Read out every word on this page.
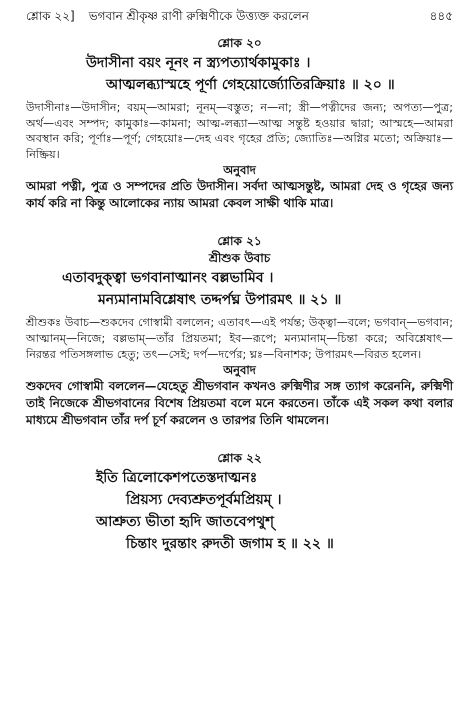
শ্লোক ২২] ভগবান শ্রীকৃষ্ণ রাণী রুক্মিণীকে উত্ত্যক্ত করলেন	৪৪৫
শ্লোক ২০
উদাসীনা বয়ং নূনং ন স্ত্র্যপত্যার্থকামুকাঃ ।
আত্মলব্ধ্যাস্মহে পূর্ণা গেহয়োর্জ্যোতিরক্রিয়াঃ ॥ ২০ ॥
উদাসীনাঃ—উদাসীন; বয়ম্—আমরা; নূনম্—বস্তুত; ন—না; স্ত্রী—পত্নীদের জন্য; অপত্য—পুত্র; অর্থ—এবং সম্পদ; কামুকাঃ—কামনা; আত্ম-লব্ধ্যা—আত্ম সন্তুষ্ট হওয়ার দ্বারা; আস্মহে—আমরা অবস্থান করি; পূর্ণাঃ—পূর্ণ; গেহয়োঃ—দেহ এবং গৃহের প্রতি; জ্যোতিঃ—অগ্নির মতো; অক্রিয়াঃ—নিষ্ক্রিয়।
অনুবাদ
আমরা পত্নী, পুত্র ও সম্পদের প্রতি উদাসীন। সর্বদা আত্মসন্তুষ্ট, আমরা দেহ ও গৃহের জন্য কার্য করি না কিন্তু আলোকের ন্যায় আমরা কেবল সাক্ষী থাকি মাত্র।
শ্লোক ২১
শ্রীশুক উবাচ
এতাবদুক্ত্বা ভগবানাত্মানং বল্লভামিব ।
মন্যমানামবিশ্লেষাৎ তদ্দর্পঘ্ন উপারমৎ ॥ ২১ ॥
শ্রীশুকঃ উবাচ—শুকদেব গোস্বামী বললেন; এতাবৎ—এই পর্যন্ত; উক্ত্বা—বলে; ভগবান্—ভগবান; আত্মানম্—নিজে; বল্লভাম্—তাঁর প্রিয়তমা; ইব—রূপে; মন্যমানাম্—চিন্তা করে; অবিশ্লেষাৎ—নিরন্তর পতিসঙ্গলাভ হেতু; তৎ—সেই; দর্প—দর্পের; ঘ্নঃ—বিনাশক; উপারমৎ—বিরত হলেন।
অনুবাদ
শুকদেব গোস্বামী বললেন—যেহেতু শ্রীভগবান কখনও রুক্মিণীর সঙ্গ ত্যাগ করেননি, রুক্মিণী তাই নিজেকে শ্রীভগবানের বিশেষ প্রিয়তমা বলে মনে করতেন। তাঁকে এই সকল কথা বলার মাধ্যমে শ্রীভগবান তাঁর দর্প চূর্ণ করলেন ও তারপর তিনি থামলেন।
শ্লোক ২২
ইতি ত্রিলোকেশপতেস্তদাত্মনঃ
প্রিয়স্য দেব্যশ্রুতপূর্বমপ্রিয়ম্ ।
আশ্রুত্য ভীতা হৃদি জাতবেপথুশ্
চিন্তাং দুরন্তাং রুদতী জগাম হ ॥ ২২ ॥
